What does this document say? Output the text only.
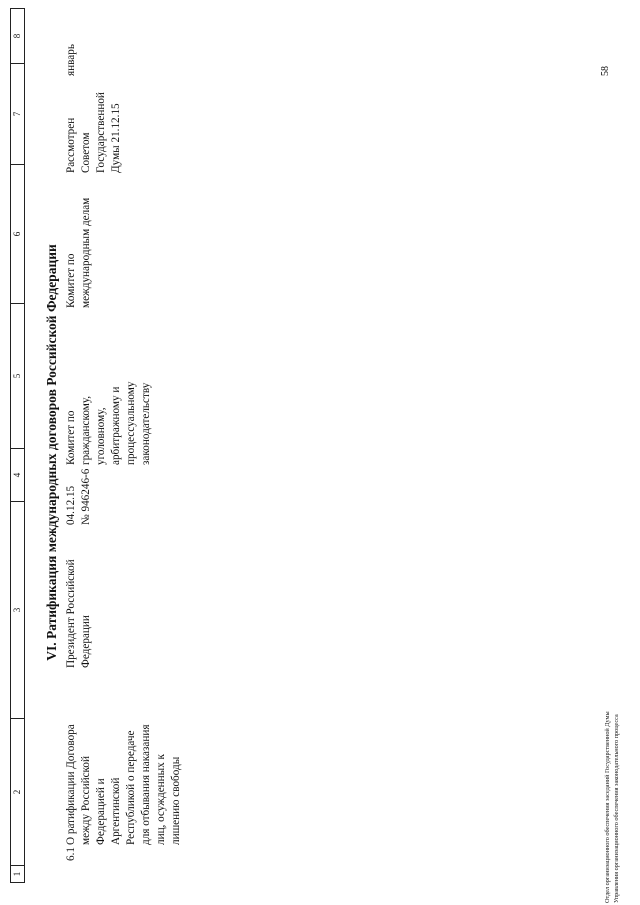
1
2
3
4
5
6
7
8
VI. Ратификация международных договоров Российской Федерации
6.1
О ратификации Договора
между Российской
Федерацией и
Аргентинской
Республикой о передаче
для отбывания наказания
лиц, осужденных к
лишению свободы
Президент Российской
Федерации
04.12.15
№ 946246-6
Комитет по
гражданскому,
уголовному,
арбитражному и
процессуальному
законодательству
Комитет по
международным делам
Рассмотрен
Советом
Государственной
Думы 21.12.15
январь	58
Отдел организационного обеспечения заседаний Государственной Думы Управления организационного обеспечения законодательного процесса
